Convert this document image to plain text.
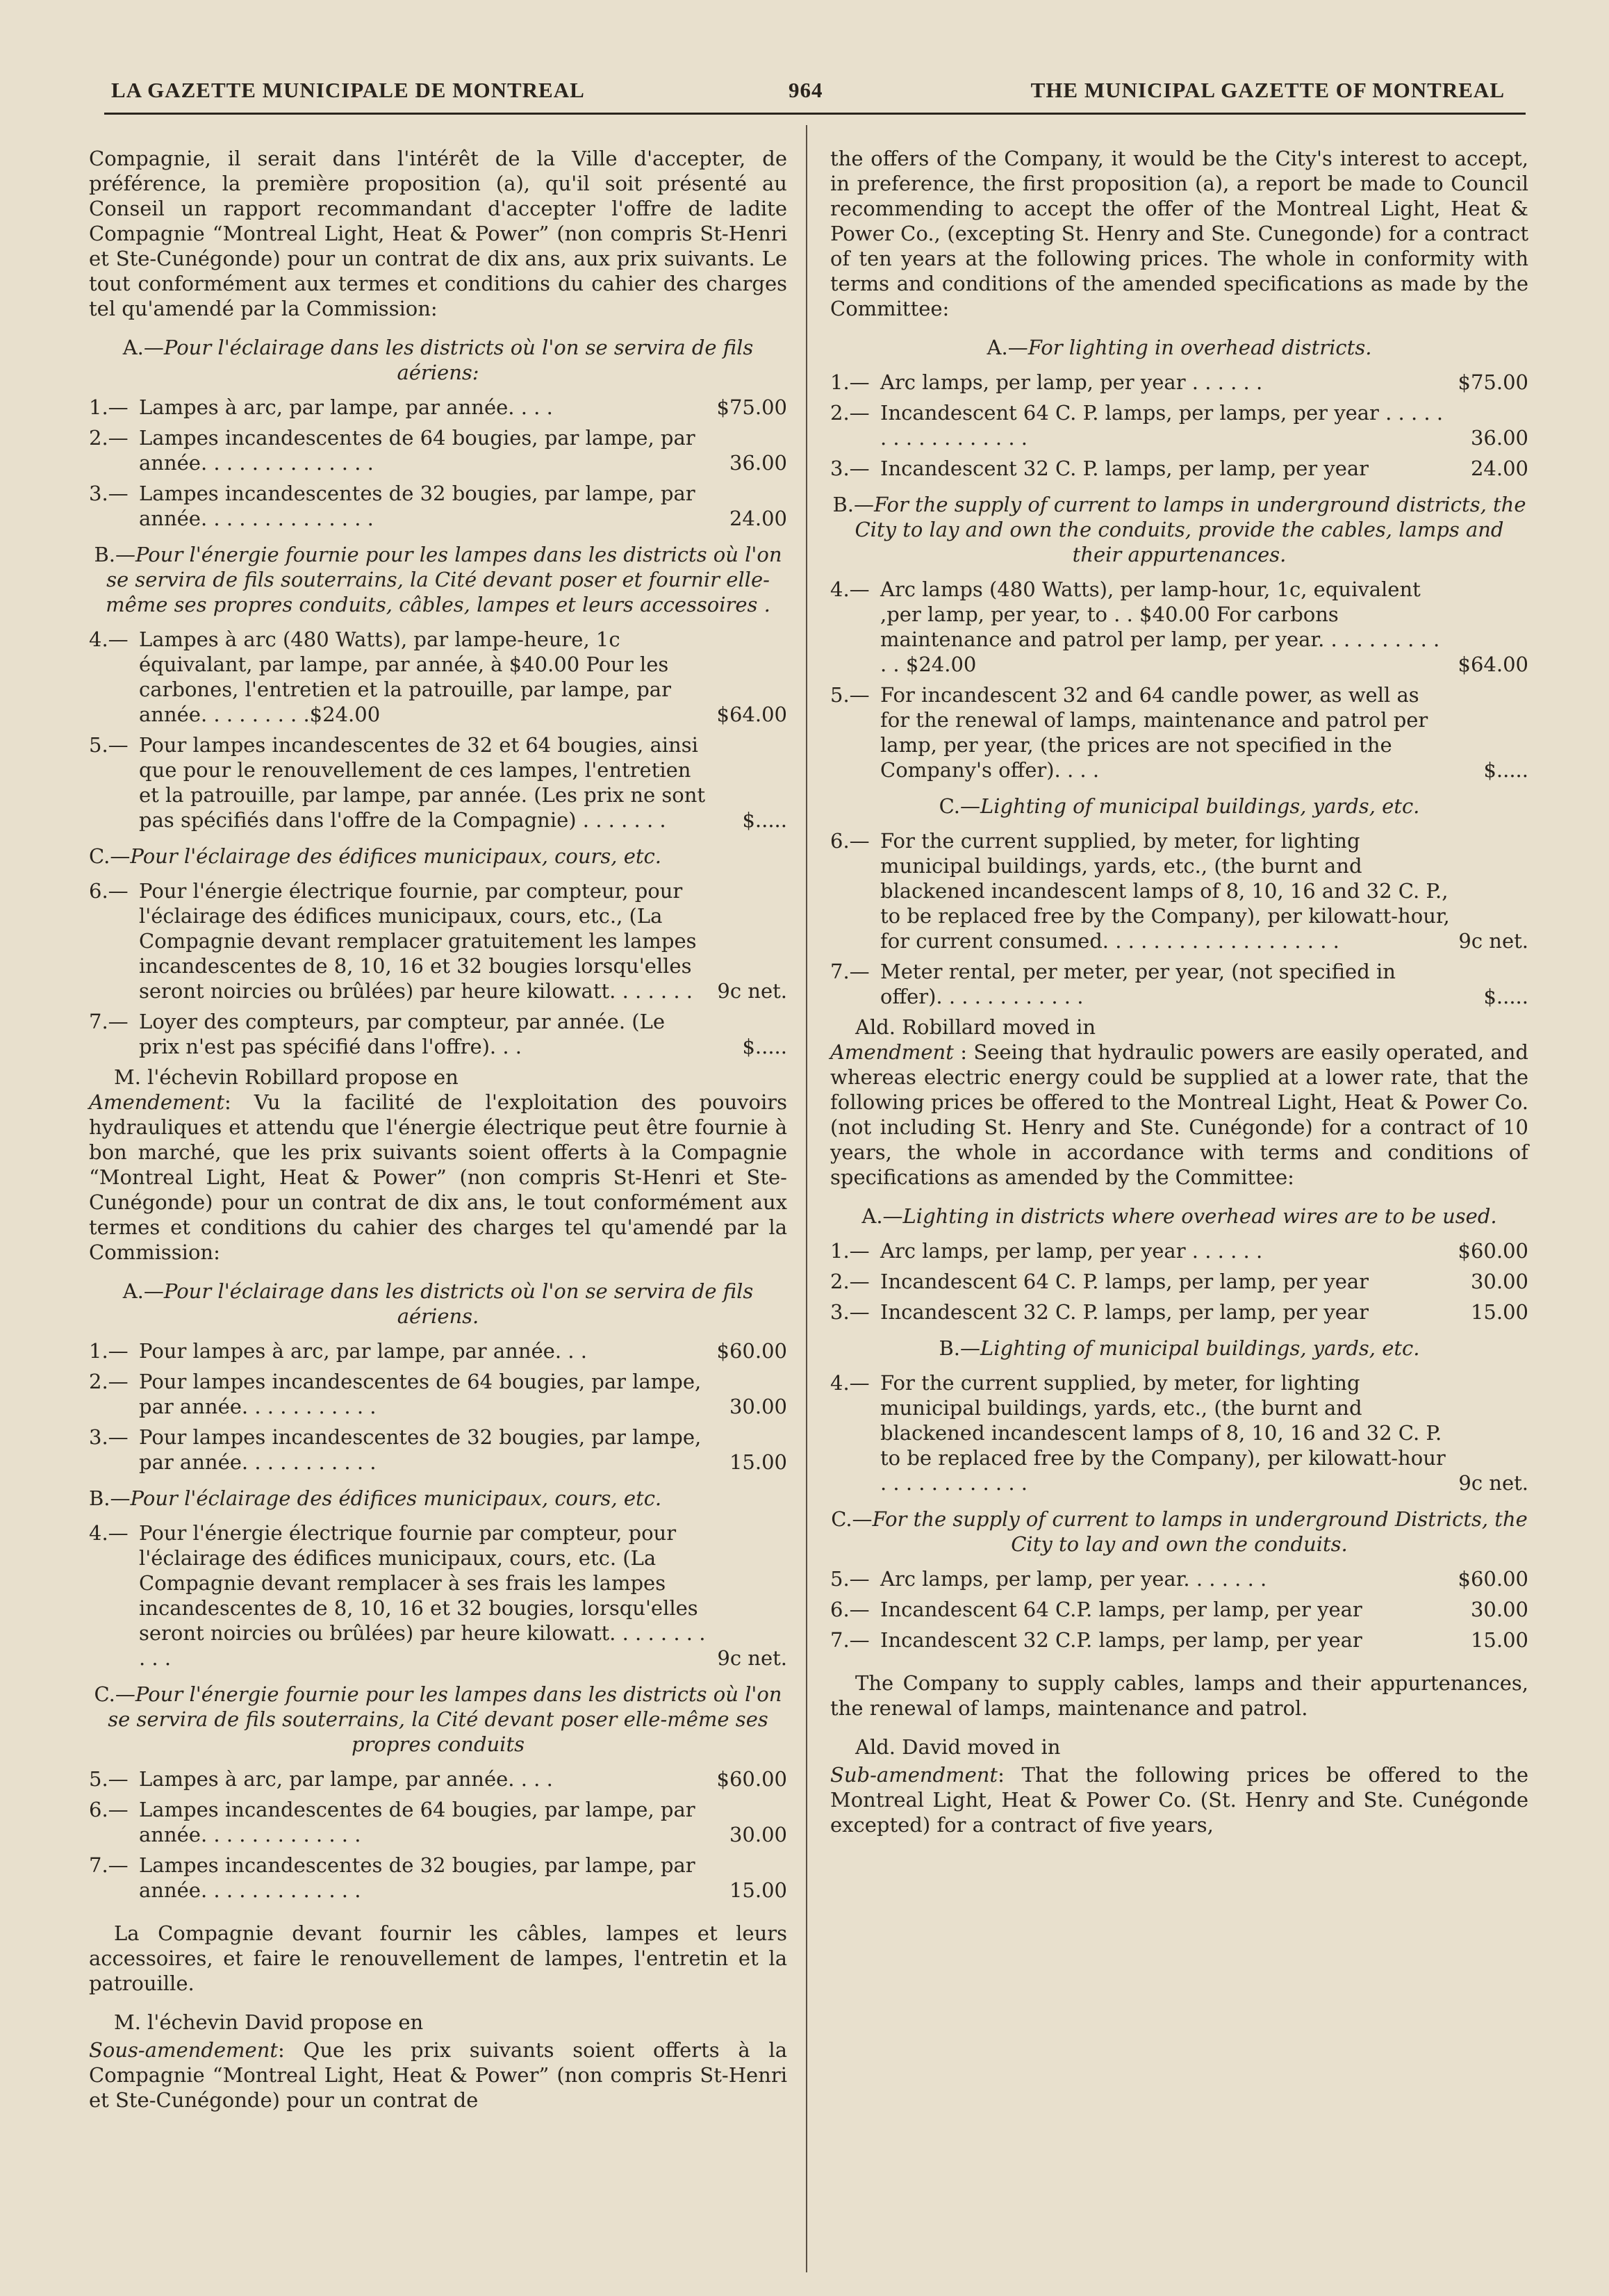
LA GAZETTE MUNICIPALE DE MONTREAL	964	THE MUNICIPAL GAZETTE OF MONTREAL

Compagnie, il serait dans l'intérêt de la Ville d'accepter, de préférence, la première proposition (a), qu'il soit présenté au Conseil un rapport recommandant d'accepter l'offre de ladite Compagnie “Montreal Light, Heat & Power” (non compris St-Henri et Ste-Cunégonde) pour un contrat de dix ans, aux prix suivants. Le tout conformément aux termes et conditions du cahier des charges tel qu'amendé par la Commission:

A.—Pour l'éclairage dans les districts où l'on se servira de fils aériens:
1.— Lampes à arc, par lampe, par année. . . .	$75.00
2.— Lampes incandescentes de 64 bougies, par lampe, par année. . . . . . . . . . . . . .	36.00
3.— Lampes incandescentes de 32 bougies, par lampe, par année. . . . . . . . . . . . . .	24.00
B.—Pour l'énergie fournie pour les lampes dans les districts où l'on se servira de fils souterrains, la Cité devant poser et fournir elle-même ses propres conduits, câbles, lampes et leurs accessoires .
4.— Lampes à arc (480 Watts), par lampe-heure, 1c équivalant, par lampe, par année, à $40.00 Pour les carbones, l'entretien et la patrouille, par lampe, par année. . . . . . . . .$24.00	$64.00
5.— Pour lampes incandescentes de 32 et 64 bougies, ainsi que pour le renouvellement de ces lampes, l'entretien et la patrouille, par lampe, par année. (Les prix ne sont pas spécifiés dans l'offre de la Compagnie) . . . . . . .	$.....
C.—Pour l'éclairage des édifices municipaux, cours, etc.
6.— Pour l'énergie électrique fournie, par compteur, pour l'éclairage des édifices municipaux, cours, etc., (La Compagnie devant remplacer gratuitement les lampes incandescentes de 8, 10, 16 et 32 bougies lorsqu'elles seront noircies ou brûlées) par heure kilowatt. . . . . . . 9c net.
7.— Loyer des compteurs, par compteur, par année. (Le prix n'est pas spécifié dans l'offre). . .	$.....

M. l'échevin Robillard propose en

Amendement: Vu la facilité de l'exploitation des pouvoirs hydrauliques et attendu que l'énergie électrique peut être fournie à bon marché, que les prix suivants soient offerts à la Compagnie “Montreal Light, Heat & Power” (non compris St-Henri et Ste-Cunégonde) pour un contrat de dix ans, le tout conformément aux termes et conditions du cahier des charges tel qu'amendé par la Commission:

A.—Pour l'éclairage dans les districts où l'on se servira de fils aériens.
1.— Pour lampes à arc, par lampe, par année. . .	$60.00
2.— Pour lampes incandescentes de 64 bougies, par lampe, par année. . . . . . . . . . .	30.00
3.— Pour lampes incandescentes de 32 bougies, par lampe, par année. . . . . . . . . . .	15.00
B.—Pour l'éclairage des édifices municipaux, cours, etc.
4.— Pour l'énergie électrique fournie par compteur, pour l'éclairage des édifices municipaux, cours, etc. (La Compagnie devant remplacer à ses frais les lampes incandescentes de 8, 10, 16 et 32 bougies, lorsqu'elles seront noircies ou brûlées) par heure kilowatt. . . . . . . . . . .	9c net.
C.—Pour l'énergie fournie pour les lampes dans les districts où l'on se servira de fils souterrains, la Cité devant poser elle-même ses propres conduits
5.— Lampes à arc, par lampe, par année. . . .	$60.00
6.— Lampes incandescentes de 64 bougies, par lampe, par année. . . . . . . . . . . . .	30.00
7.— Lampes incandescentes de 32 bougies, par lampe, par année. . . . . . . . . . . . .	15.00

La Compagnie devant fournir les câbles, lampes et leurs accessoires, et faire le renouvellement de lampes, l'entretin et la patrouille.

M. l'échevin David propose en

Sous-amendement: Que les prix suivants soient offerts à la Compagnie “Montreal Light, Heat & Power” (non compris St-Henri et Ste-Cunégonde) pour un contrat de

the offers of the Company, it would be the City's interest to accept, in preference, the first proposition (a), a report be made to Council recommending to accept the offer of the Montreal Light, Heat & Power Co., (excepting St. Henry and Ste. Cunegonde) for a contract of ten years at the following prices. The whole in conformity with terms and conditions of the amended specifications as made by the Committee:

A.—For lighting in overhead districts.
1.— Arc lamps, per lamp, per year . . . . . .	$75.00
2.— Incandescent 64 C. P. lamps, per lamps, per year . . . . . . . . . . . . . . . . .	36.00
3.— Incandescent 32 C. P. lamps, per lamp, per year	24.00
B.—For the supply of current to lamps in underground districts, the City to lay and own the conduits, provide the cables, lamps and their appurtenances.
4.— Arc lamps (480 Watts), per lamp-hour, 1c, equivalent ,per lamp, per year, to . . $40.00 For carbons maintenance and patrol per lamp, per year. . . . . . . . . . . . $24.00	$64.00
5.— For incandescent 32 and 64 candle power, as well as for the renewal of lamps, maintenance and patrol per lamp, per year, (the prices are not specified in the Company's offer). . . .	$.....
C.—Lighting of municipal buildings, yards, etc.
6.— For the current supplied, by meter, for lighting municipal buildings, yards, etc., (the burnt and blackened incandescent lamps of 8, 10, 16 and 32 C. P., to be replaced free by the Company), per kilowatt-hour, for current consumed. . . . . . . . . . . . . . . . . . .	9c net.
7.— Meter rental, per meter, per year, (not specified in offer). . . . . . . . . . . .	$.....

Ald. Robillard moved in

Amendment : Seeing that hydraulic powers are easily operated, and whereas electric energy could be supplied at a lower rate, that the following prices be offered to the Montreal Light, Heat & Power Co. (not including St. Henry and Ste. Cunégonde) for a contract of 10 years, the whole in accordance with terms and conditions of specifications as amended by the Committee:

A.—Lighting in districts where overhead wires are to be used.
1.— Arc lamps, per lamp, per year . . . . . .	$60.00
2.— Incandescent 64 C. P. lamps, per lamp, per year	30.00
3.— Incandescent 32 C. P. lamps, per lamp, per year	15.00
B.—Lighting of municipal buildings, yards, etc.
4.— For the current supplied, by meter, for lighting municipal buildings, yards, etc., (the burnt and blackened incandescent lamps of 8, 10, 16 and 32 C. P. to be replaced free by the Company), per kilowatt-hour . . . . . . . . . . . .	9c net.
C.—For the supply of current to lamps in underground Districts, the City to lay and own the conduits.
5.— Arc lamps, per lamp, per year. . . . . . .	$60.00
6.— Incandescent 64 C.P. lamps, per lamp, per year	30.00
7.— Incandescent 32 C.P. lamps, per lamp, per year	15.00

The Company to supply cables, lamps and their appurtenances, the renewal of lamps, maintenance and patrol.

Ald. David moved in

Sub-amendment: That the following prices be offered to the Montreal Light, Heat & Power Co. (St. Henry and Ste. Cunégonde excepted) for a contract of five years,
